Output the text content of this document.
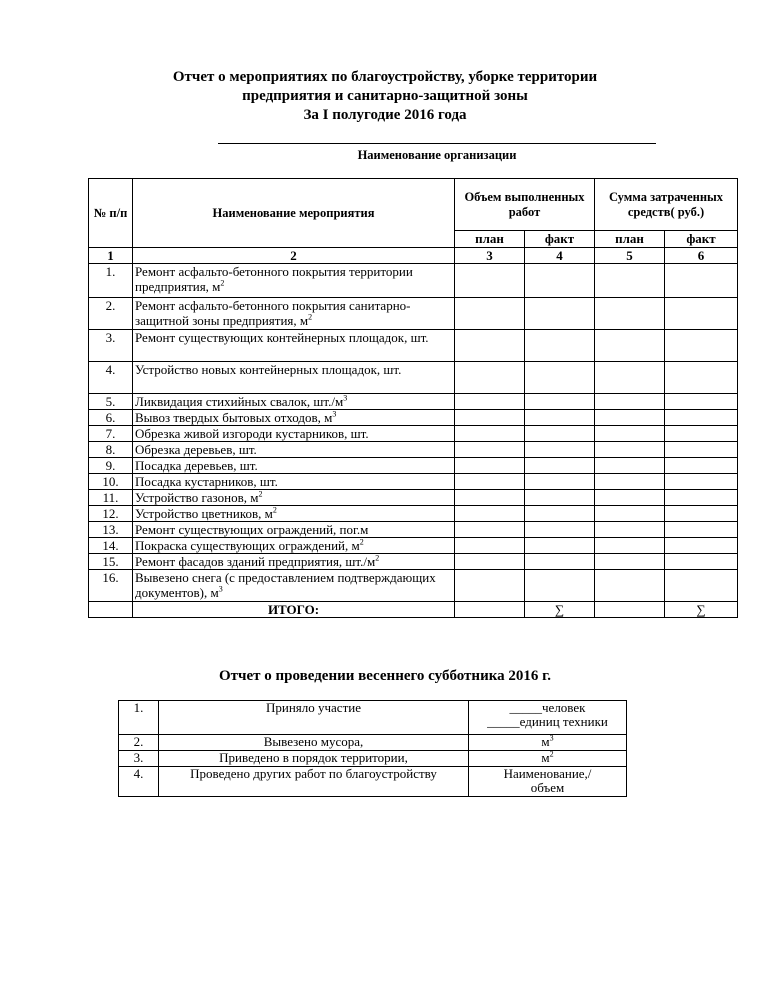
Отчет о мероприятиях по благоустройству, уборке территории
предприятия и санитарно-защитной зоны
За I полугодие 2016 года
Наименование организации
№ п/п	Наименование мероприятия	Объем выполненных работ		Сумма затраченных средств( руб.)	
		план	факт	план	факт
1	2	3	4	5	6
1.	Ремонт асфальто-бетонного покрытия территории предприятия, $м^2$				
2.	Ремонт асфальто-бетонного покрытия санитарно-защитной зоны предприятия, $м^2$				
3.	Ремонт существующих контейнерных площадок, шт.				
4.	Устройство новых контейнерных площадок, шт.				
5.	Ликвидация стихийных свалок, $шт./м^3$				
6.	Вывоз твердых бытовых отходов, $м^3$				
7.	Обрезка живой изгороди кустарников, шт.				
8.	Обрезка деревьев, шт.				
9.	Посадка деревьев, шт.				
10.	Посадка кустарников, шт.				
11.	Устройство газонов, $м^2$				
12.	Устройство цветников, $м^2$				
13.	Ремонт существующих ограждений, пог.м				
14.	Покраска существующих ограждений, $м^2$				
15.	Ремонт фасадов зданий предприятия, $шт./м^2$				
16.	Вывезено снега (с предоставлением подтверждающих документов), $м^3$				
	ИТОГО:		∑		∑
Отчет о проведении весеннего субботника 2016 г.
1.	Приняло участие	_____человек
_____единиц техники
2.	Вывезено мусора,	$м^3$
3.	Приведено в порядок территории,	$м^2$
4.	Проведено других работ по благоустройству	Наименование,/
объем
